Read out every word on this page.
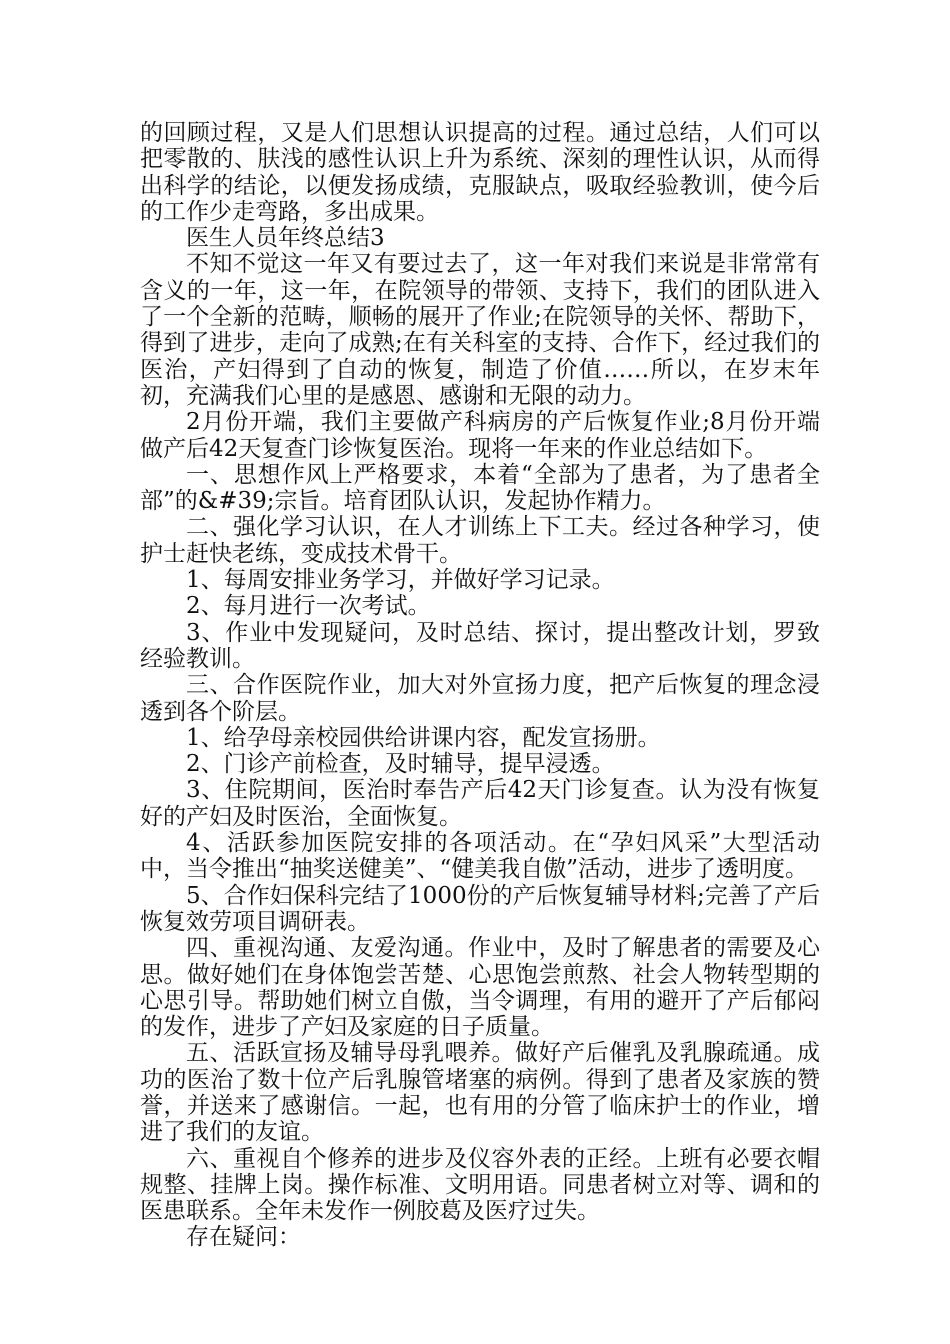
的回顾过程，又是人们思想认识提高的过程。通过总结，人们可以把零散的、肤浅的感性认识上升为系统、深刻的理性认识，从而得出科学的结论，以便发扬成绩，克服缺点，吸取经验教训，使今后的工作少走弯路，多出成果。

医生人员年终总结3

不知不觉这一年又有要过去了，这一年对我们来说是非常常有含义的一年，这一年，在院领导的带领、支持下，我们的团队进入了一个全新的范畴，顺畅的展开了作业;在院领导的关怀、帮助下，得到了进步，走向了成熟;在有关科室的支持、合作下，经过我们的医治，产妇得到了自动的恢复，制造了价值……所以，在岁末年初，充满我们心里的是感恩、感谢和无限的动力。

2月份开端，我们主要做产科病房的产后恢复作业;8月份开端做产后42天复查门诊恢复医治。现将一年来的作业总结如下。

一、思想作风上严格要求，本着“全部为了患者，为了患者全部”的&#39;宗旨。培育团队认识，发起协作精力。

二、强化学习认识，在人才训练上下工夫。经过各种学习，使护士赶快老练，变成技术骨干。

1、每周安排业务学习，并做好学习记录。

2、每月进行一次考试。

3、作业中发现疑问，及时总结、探讨，提出整改计划，罗致经验教训。

三、合作医院作业，加大对外宣扬力度，把产后恢复的理念浸透到各个阶层。

1、给孕母亲校园供给讲课内容，配发宣扬册。

2、门诊产前检查，及时辅导，提早浸透。

3、住院期间，医治时奉告产后42天门诊复查。认为没有恢复好的产妇及时医治，全面恢复。

4、活跃参加医院安排的各项活动。在“孕妇风采”大型活动中，当令推出“抽奖送健美”、“健美我自傲”活动，进步了透明度。

5、合作妇保科完结了1000份的产后恢复辅导材料;完善了产后恢复效劳项目调研表。

四、重视沟通、友爱沟通。作业中，及时了解患者的需要及心思。做好她们在身体饱尝苦楚、心思饱尝煎熬、社会人物转型期的心思引导。帮助她们树立自傲，当令调理，有用的避开了产后郁闷的发作，进步了产妇及家庭的日子质量。

五、活跃宣扬及辅导母乳喂养。做好产后催乳及乳腺疏通。成功的医治了数十位产后乳腺管堵塞的病例。得到了患者及家族的赞誉，并送来了感谢信。一起，也有用的分管了临床护士的作业，增进了我们的友谊。

六、重视自个修养的进步及仪容外表的正经。上班有必要衣帽规整、挂牌上岗。操作标准、文明用语。同患者树立对等、调和的医患联系。全年未发作一例胶葛及医疗过失。

存在疑问：
